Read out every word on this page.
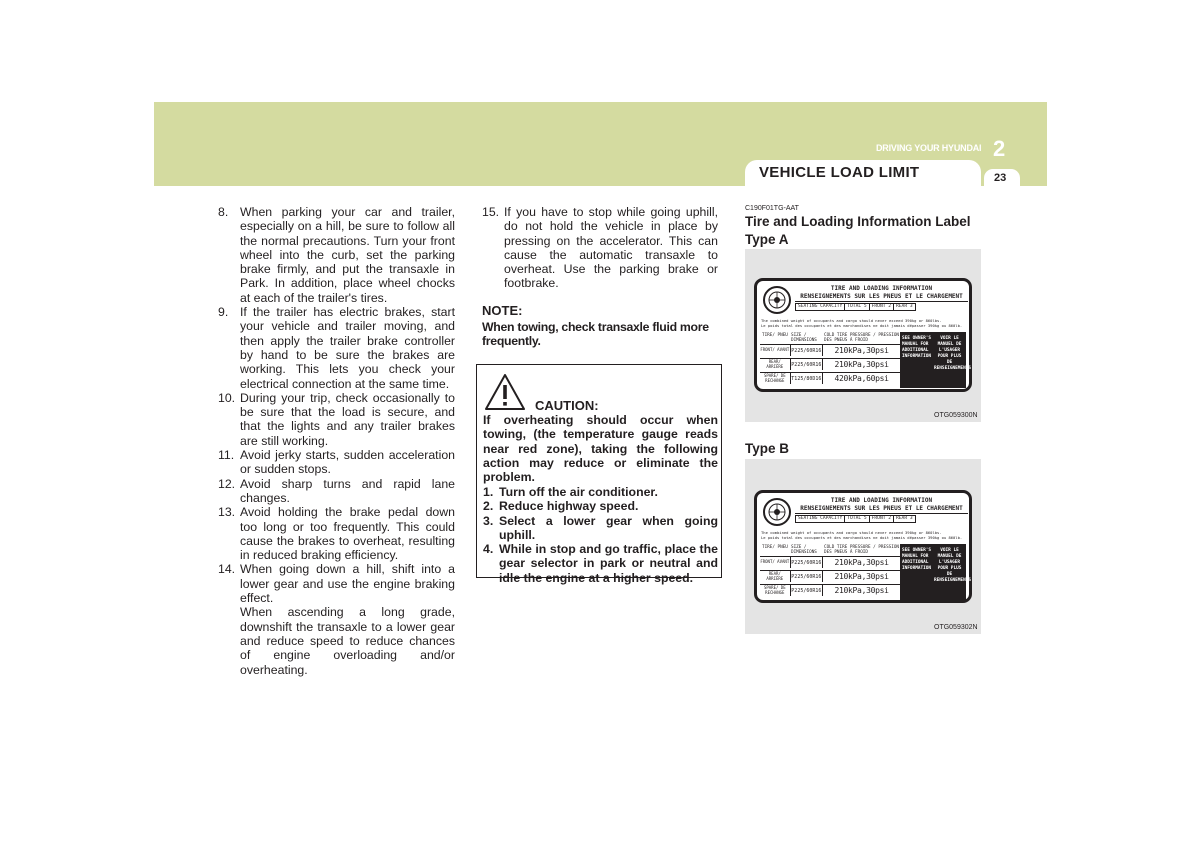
DRIVING YOUR HYUNDAI 2
VEHICLE LOAD LIMIT	23
8. When parking your car and trailer, especially on a hill, be sure to follow all the normal precautions. Turn your front wheel into the curb, set the parking brake firmly, and put the transaxle in Park. In addition, place wheel chocks at each of the trailer's tires.
9. If the trailer has electric brakes, start your vehicle and trailer moving, and then apply the trailer brake controller by hand to be sure the brakes are working. This lets you check your electrical connection at the same time.
10. During your trip, check occasionally to be sure that the load is secure, and that the lights and any trailer brakes are still working.
11. Avoid jerky starts, sudden acceleration or sudden stops.
12. Avoid sharp turns and rapid lane changes.
13. Avoid holding the brake pedal down too long or too frequently. This could cause the brakes to overheat, resulting in reduced braking efficiency.
14. When going down a hill, shift into a lower gear and use the engine braking effect.
When ascending a long grade, downshift the transaxle to a lower gear and reduce speed to reduce chances of engine overloading and/or overheating.
15. If you have to stop while going uphill, do not hold the vehicle in place by pressing on the accelerator. This can cause the automatic transaxle to overheat. Use the parking brake or footbrake.
NOTE:
When towing, check transaxle fluid more frequently.
CAUTION:
If overheating should occur when towing, (the temperature gauge reads near red zone), taking the following action may reduce or eliminate the problem.
1. Turn off the air conditioner.
2. Reduce highway speed.
3. Select a lower gear when going uphill.
4. While in stop and go traffic, place the gear selector in park or neutral and idle the engine at a higher speed.
C190F01TG-AAT
Tire and Loading Information Label
Type A
TIRE AND LOADING INFORMATION
RENSEIGNEMENTS SUR LES PNEUS ET LE CHARGEMENT
SEATING CAPACITY	TOTAL 5	FRONT 2	REAR 3
The combined weight of occupants and cargo should never exceed 390kg or 860lbs.
Le poids total des occupants et des marchandises ne doit jamais dépasser 390kg ou 860lb.
TIRE/ PNEU SIZE / DIMENSIONS
COLD TIRE PRESSURE / PRESSION DES PNEUS À FROID
FRONT/ AVANT P225/60R16	210kPa,30psi
REAR/ ARRIÈRE	P225/60R16	210kPa,30psi
SPARE/ DE RECHANGE	T125/80D16	420kPa,60psi
SEE OWNER'S MANUAL FOR ADDITIONAL INFORMATION
VOIR LE MANUEL DE L'USAGER POUR PLUS DE RENSEIGNEMENTS
OTG059300N
Type B
TIRE AND LOADING INFORMATION
RENSEIGNEMENTS SUR LES PNEUS ET LE CHARGEMENT
SEATING CAPACITY	TOTAL 5	FRONT 2	REAR 3
The combined weight of occupants and cargo should never exceed 390kg or 860lbs.
Le poids total des occupants et des marchandises ne doit jamais dépasser 390kg ou 860lb.
TIRE/ PNEU SIZE / DIMENSIONS
COLD TIRE PRESSURE / PRESSION DES PNEUS À FROID
FRONT/ AVANT P225/60R16	210kPa,30psi
REAR/ ARRIÈRE	P225/60R16	210kPa,30psi
SPARE/ DE RECHANGE	P225/60R16	210kPa,30psi
SEE OWNER'S MANUAL FOR ADDITIONAL INFORMATION
VOIR LE MANUEL DE L'USAGER POUR PLUS DE RENSEIGNEMENTS
OTG059302N
